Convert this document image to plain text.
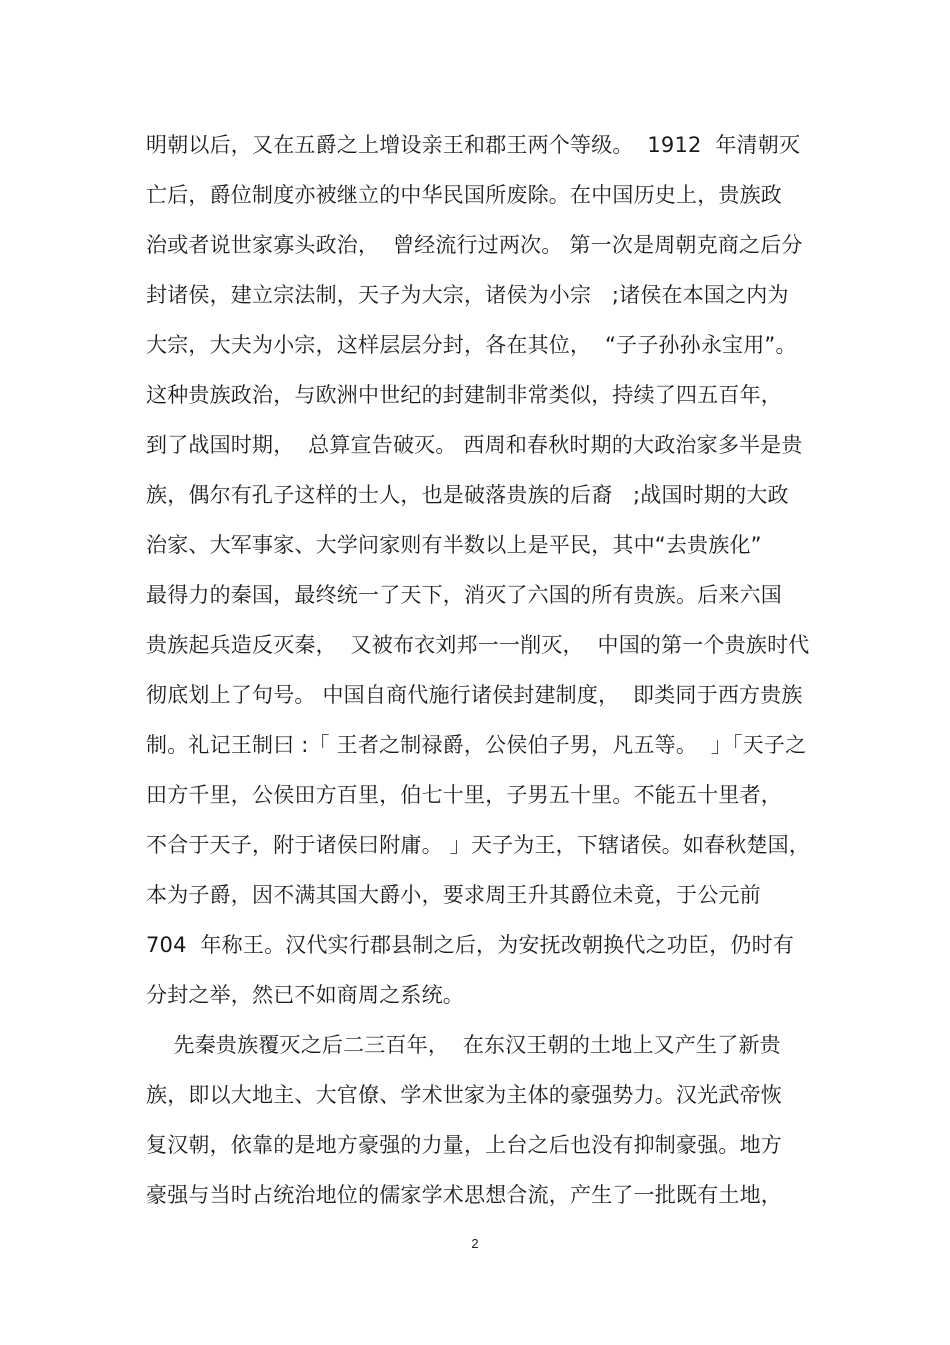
明朝以后，又在五爵之上增设亲王和郡王两个等级。  1912  年清朝灭
亡后，爵位制度亦被继立的中华民国所废除。在中国历史上，贵族政
治或者说世家寡头政治，  曾经流行过两次。 第一次是周朝克商之后分
封诸侯，建立宗法制，天子为大宗，诸侯为小宗   ;诸侯在本国之内为
大宗，大夫为小宗，这样层层分封，各在其位，  “子子孙孙永宝用”。
这种贵族政治，与欧洲中世纪的封建制非常类似，持续了四五百年，
到了战国时期，  总算宣告破灭。 西周和春秋时期的大政治家多半是贵
族，偶尔有孔子这样的士人，也是破落贵族的后裔   ;战国时期的大政
治家、大军事家、大学问家则有半数以上是平民，其中“去贵族化”
最得力的秦国，最终统一了天下，消灭了六国的所有贵族。后来六国
贵族起兵造反灭秦，  又被布衣刘邦一一削灭，  中国的第一个贵族时代
彻底划上了句号。 中国自商代施行诸侯封建制度，  即类同于西方贵族
制。礼记王制曰 :「 王者之制禄爵，公侯伯子男，凡五等。  」「天子之
田方千里，公侯田方百里，伯七十里，子男五十里。不能五十里者，
不合于天子，附于诸侯曰附庸。 」天子为王，下辖诸侯。如春秋楚国，
本为子爵，因不满其国大爵小，要求周王升其爵位未竟，于公元前
704  年称王。汉代实行郡县制之后，为安抚改朝换代之功臣，仍时有
分封之举，然已不如商周之系统。
先秦贵族覆灭之后二三百年，  在东汉王朝的土地上又产生了新贵
族，即以大地主、大官僚、学术世家为主体的豪强势力。汉光武帝恢
复汉朝，依靠的是地方豪强的力量，上台之后也没有抑制豪强。地方
豪强与当时占统治地位的儒家学术思想合流，产生了一批既有土地，
2
